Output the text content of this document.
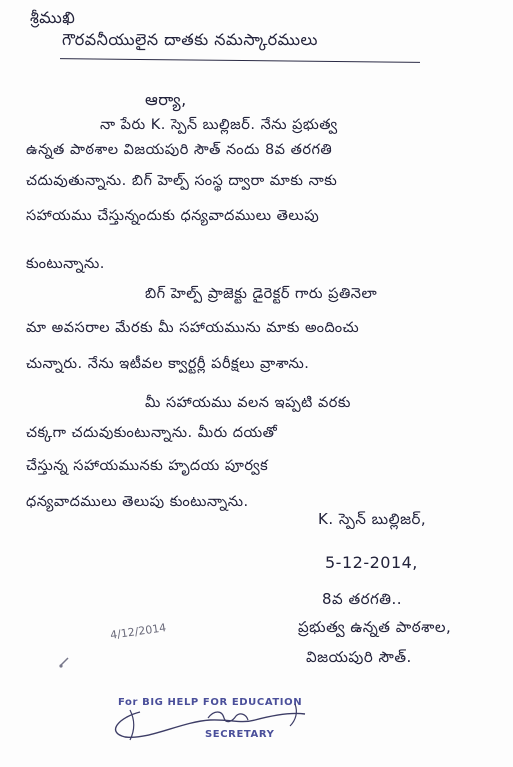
శ్రీముఖి
గౌరవనీయులైన దాతకు నమస్కారములు
ఆర్యా,
నా పేరు K. స్పెన్ బుల్లిజర్. నేను ప్రభుత్వ
ఉన్నత పాఠశాల విజయపురి సౌత్ నందు 8వ తరగతి
చదువుతున్నాను. బిగ్ హెల్ప్ సంస్థ ద్వారా మాకు నాకు
సహాయము చేస్తున్నందుకు ధన్యవాదములు తెలుపు
కుంటున్నాను.
బిగ్ హెల్ప్ ప్రాజెక్టు డైరెక్టర్ గారు ప్రతినెలా
మా అవసరాల మేరకు మీ సహాయమును మాకు అందించు
చున్నారు. నేను ఇటీవల క్వార్టర్లీ పరీక్షలు వ్రాశాను.
మీ సహాయము వలన ఇప్పటి వరకు
చక్కగా చదువుకుంటున్నాను. మీరు దయతో
చేస్తున్న సహాయమునకు హృదయ పూర్వక
ధన్యవాదములు తెలుపు కుంటున్నాను.
K. స్పెన్ బుల్లిజర్,
5-12-2014,
8వ తరగతి..
ప్రభుత్వ ఉన్నత పాఠశాల,
విజయపురి సౌత్.
4/12/2014
For BIG HELP FOR EDUCATION
SECRETARY
